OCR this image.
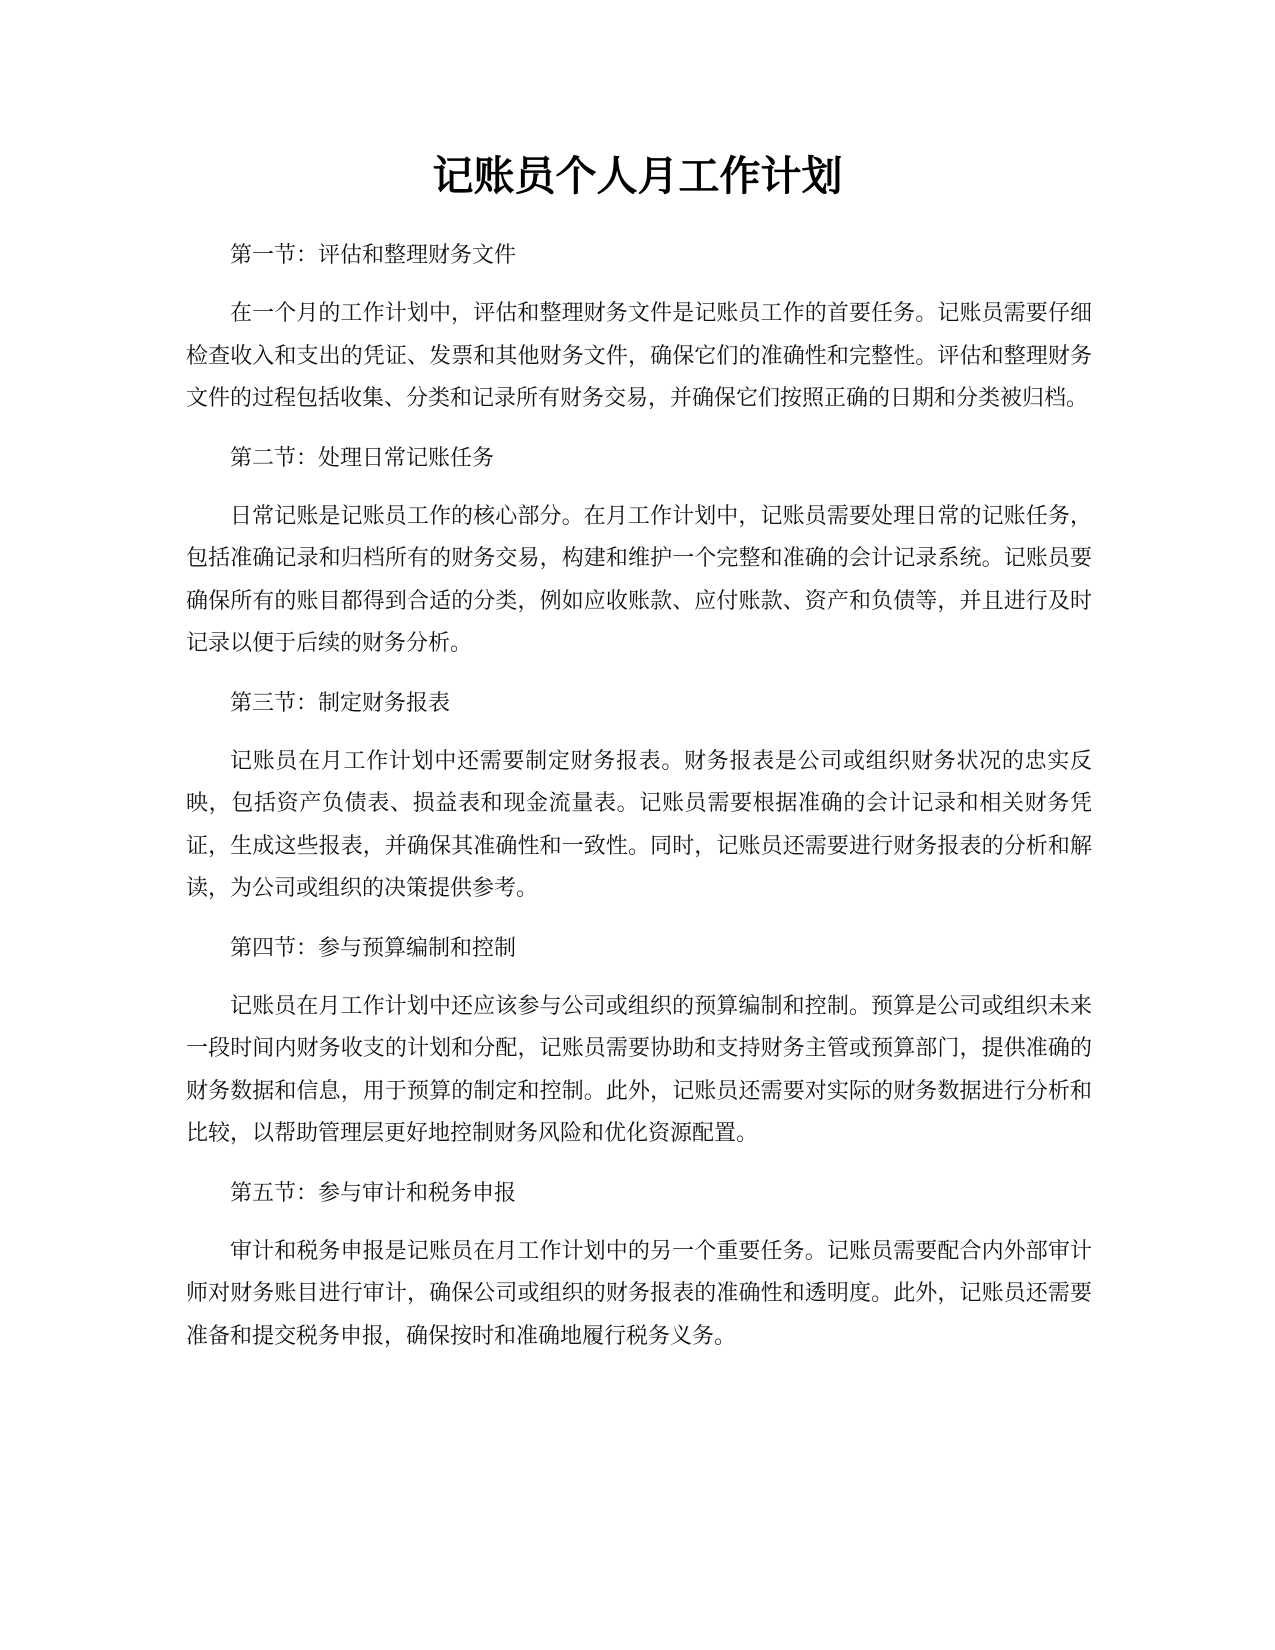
记账员个人月工作计划

第一节：评估和整理财务文件

在一个月的工作计划中，评估和整理财务文件是记账员工作的首要任务。记账员需要仔细检查收入和支出的凭证、发票和其他财务文件，确保它们的准确性和完整性。评估和整理财务文件的过程包括收集、分类和记录所有财务交易，并确保它们按照正确的日期和分类被归档。

第二节：处理日常记账任务

日常记账是记账员工作的核心部分。在月工作计划中，记账员需要处理日常的记账任务，包括准确记录和归档所有的财务交易，构建和维护一个完整和准确的会计记录系统。记账员要确保所有的账目都得到合适的分类，例如应收账款、应付账款、资产和负债等，并且进行及时记录以便于后续的财务分析。

第三节：制定财务报表

记账员在月工作计划中还需要制定财务报表。财务报表是公司或组织财务状况的忠实反映，包括资产负债表、损益表和现金流量表。记账员需要根据准确的会计记录和相关财务凭证，生成这些报表，并确保其准确性和一致性。同时，记账员还需要进行财务报表的分析和解读，为公司或组织的决策提供参考。

第四节：参与预算编制和控制

记账员在月工作计划中还应该参与公司或组织的预算编制和控制。预算是公司或组织未来一段时间内财务收支的计划和分配，记账员需要协助和支持财务主管或预算部门，提供准确的财务数据和信息，用于预算的制定和控制。此外，记账员还需要对实际的财务数据进行分析和比较，以帮助管理层更好地控制财务风险和优化资源配置。

第五节：参与审计和税务申报

审计和税务申报是记账员在月工作计划中的另一个重要任务。记账员需要配合内外部审计师对财务账目进行审计，确保公司或组织的财务报表的准确性和透明度。此外，记账员还需要准备和提交税务申报，确保按时和准确地履行税务义务。
